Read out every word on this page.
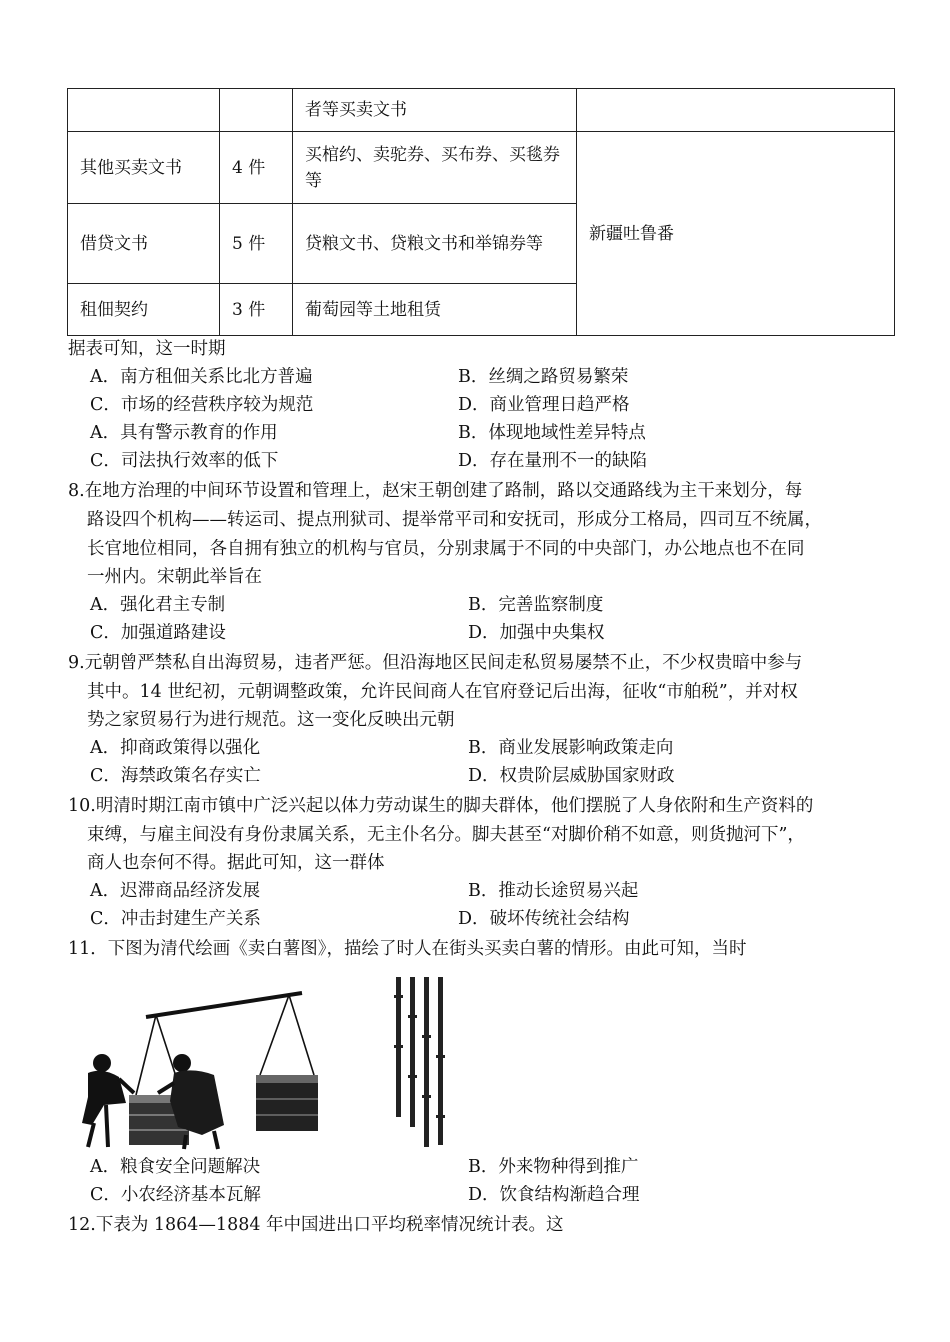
		者等买卖文书	
其他买卖文书	4 件	买棺约、卖驼券、买布券、买毯券等	新疆吐鲁番
借贷文书	5 件	贷粮文书、贷粮文书和举锦券等	
租佃契约	3 件	葡萄园等土地租赁	
据表可知，这一时期
A．南方租佃关系比北方普遍	B．丝绸之路贸易繁荣
C．市场的经营秩序较为规范	D．商业管理日趋严格
A．具有警示教育的作用	B．体现地域性差异特点
C．司法执行效率的低下	D．存在量刑不一的缺陷
8.在地方治理的中间环节设置和管理上，赵宋王朝创建了路制，路以交通路线为主干来划分，每
路设四个机构——转运司、提点刑狱司、提举常平司和安抚司，形成分工格局，四司互不统属，
长官地位相同，各自拥有独立的机构与官员，分别隶属于不同的中央部门，办公地点也不在同
一州内。宋朝此举旨在
A．强化君主专制	B．完善监察制度
C．加强道路建设	D．加强中央集权
9.元朝曾严禁私自出海贸易，违者严惩。但沿海地区民间走私贸易屡禁不止，不少权贵暗中参与
其中。14 世纪初，元朝调整政策，允许民间商人在官府登记后出海，征收“市舶税”，并对权
势之家贸易行为进行规范。这一变化反映出元朝
A．抑商政策得以强化	B．商业发展影响政策走向
C．海禁政策名存实亡	D．权贵阶层威胁国家财政
10.明清时期江南市镇中广泛兴起以体力劳动谋生的脚夫群体，他们摆脱了人身依附和生产资料的
束缚，与雇主间没有身份隶属关系，无主仆名分。脚夫甚至“对脚价稍不如意，则货抛河下”，
商人也奈何不得。据此可知，这一群体
A．迟滞商品经济发展	B．推动长途贸易兴起
C．冲击封建生产关系	D．破坏传统社会结构
11．下图为清代绘画《卖白薯图》，描绘了时人在街头买卖白薯的情形。由此可知，当时
A．粮食安全问题解决	B．外来物种得到推广
C．小农经济基本瓦解	D．饮食结构渐趋合理
12.下表为 1864—1884 年中国进出口平均税率情况统计表。这
